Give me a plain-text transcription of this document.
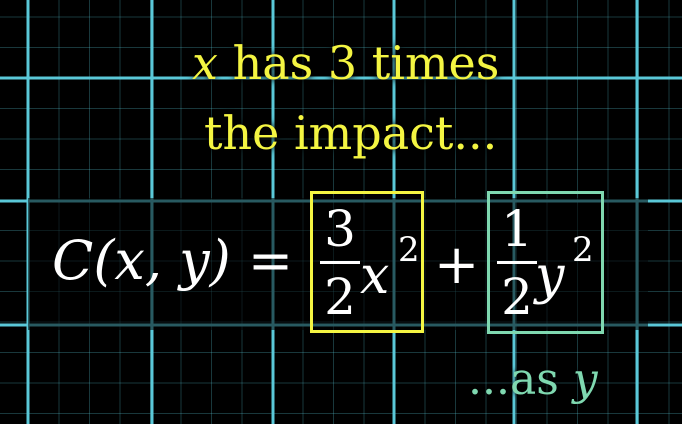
x has 3 times
the impact...
C(x, y) = 3
2 x 2 +
1
2 y 2
...as y
